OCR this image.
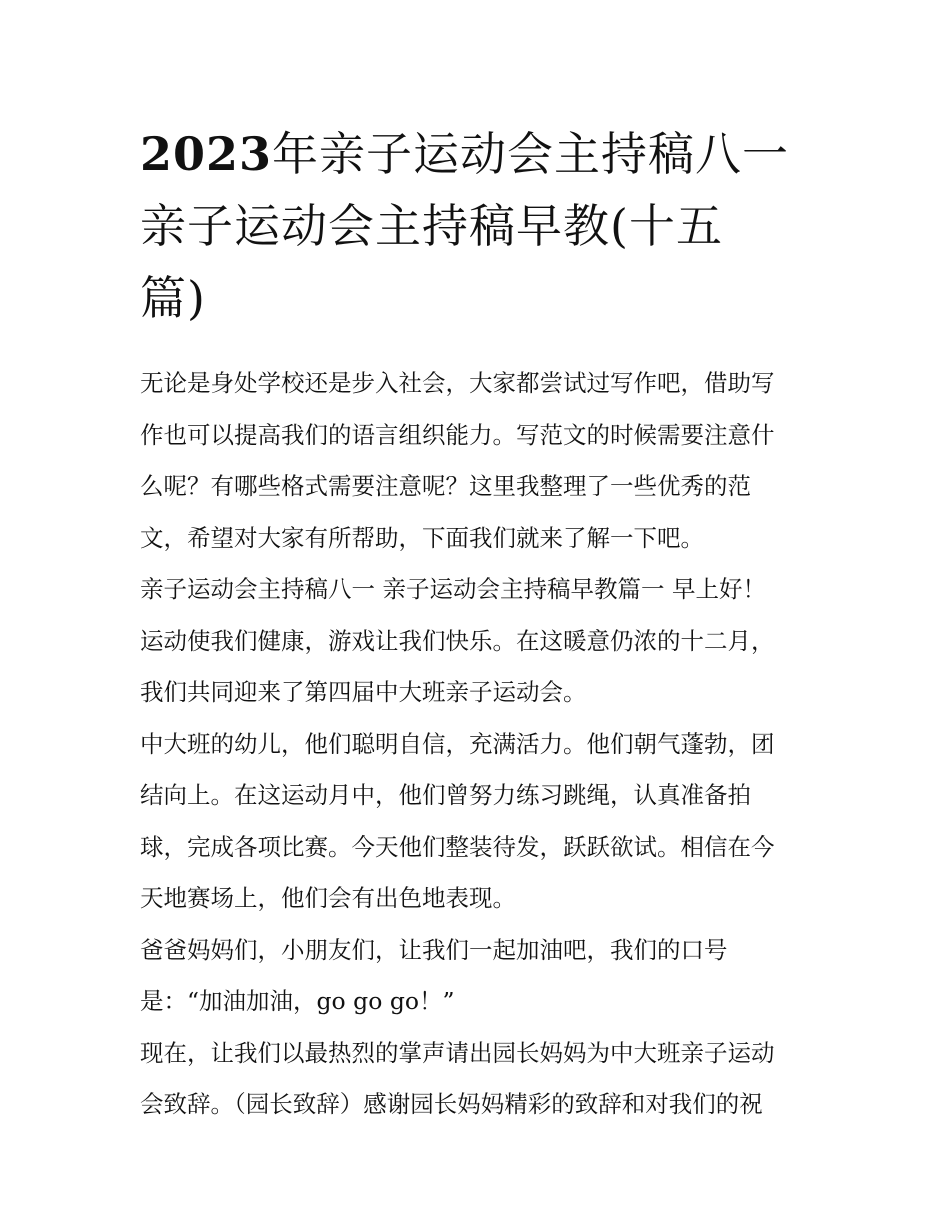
2023年亲子运动会主持稿八一
亲子运动会主持稿早教(十五
篇)
无论是身处学校还是步入社会，大家都尝试过写作吧，借助写
作也可以提高我们的语言组织能力。写范文的时候需要注意什
么呢？有哪些格式需要注意呢？这里我整理了一些优秀的范
文，希望对大家有所帮助，下面我们就来了解一下吧。
亲子运动会主持稿八一 亲子运动会主持稿早教篇一 早上好！
运动使我们健康，游戏让我们快乐。在这暖意仍浓的十二月，
我们共同迎来了第四届中大班亲子运动会。
中大班的幼儿，他们聪明自信，充满活力。他们朝气蓬勃，团
结向上。在这运动月中，他们曾努力练习跳绳，认真准备拍
球，完成各项比赛。今天他们整装待发，跃跃欲试。相信在今
天地赛场上，他们会有出色地表现。
爸爸妈妈们，小朋友们，让我们一起加油吧，我们的口号
是：“加油加油，go go go！”
现在，让我们以最热烈的掌声请出园长妈妈为中大班亲子运动
会致辞。（园长致辞）感谢园长妈妈精彩的致辞和对我们的祝
